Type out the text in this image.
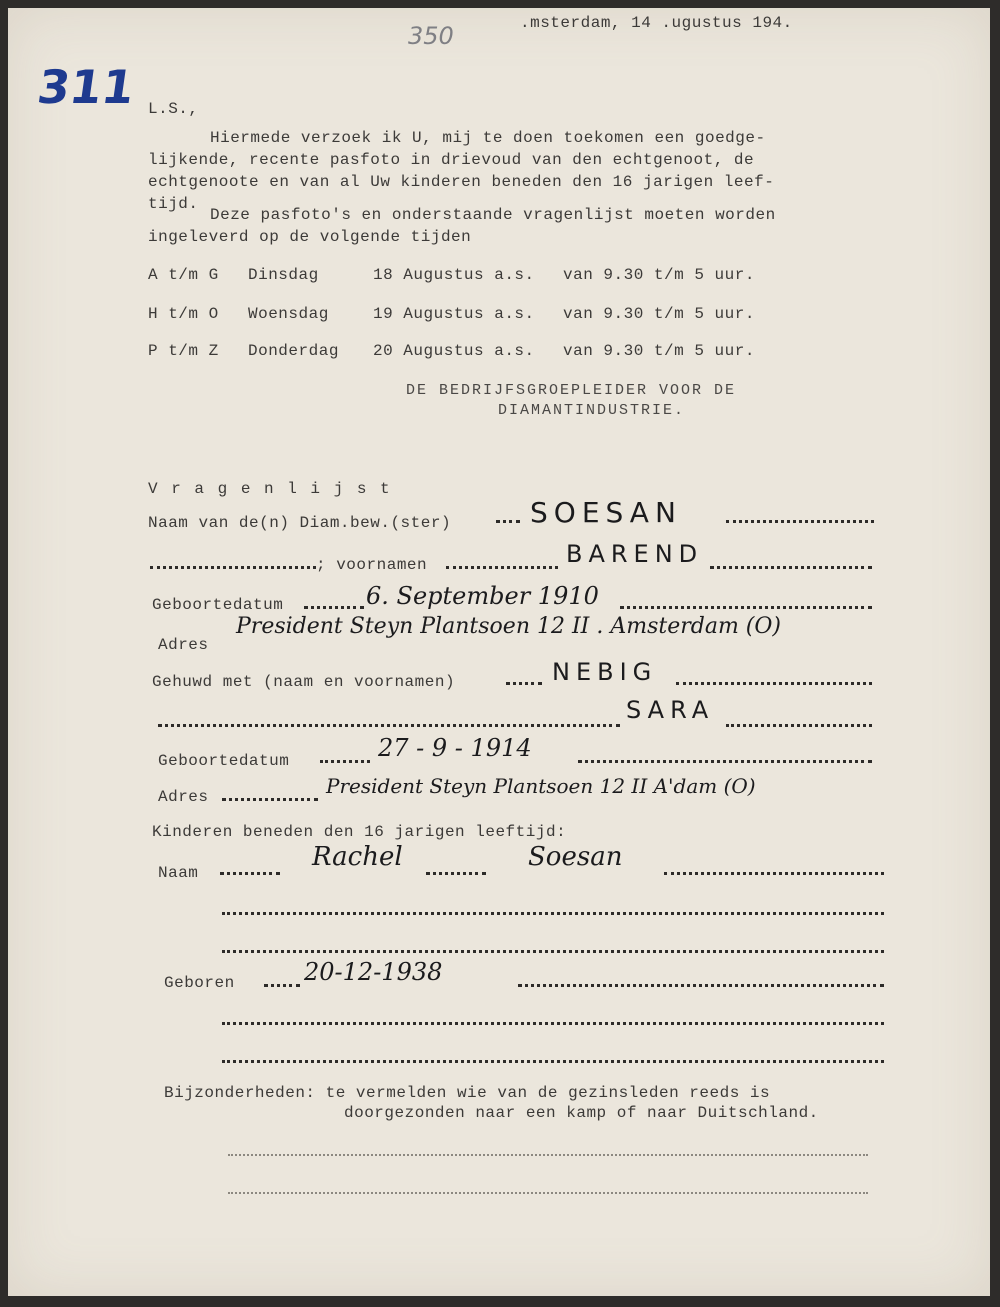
311
350	.msterdam, 14 .ugustus 194.
L.S.,
Hiermede verzoek ik U, mij te doen toekomen een goedge-
lijkende, recente pasfoto in drievoud van den echtgenoot, de
echtgenoote en van al Uw kinderen beneden den 16 jarigen leef-
tijd.
Deze pasfoto's en onderstaande vragenlijst moeten worden
ingeleverd op de volgende tijden
A t/m G Dinsdag	18 Augustus a.s. van 9.30 t/m 5 uur.
H t/m O Woensdag	19 Augustus a.s. van 9.30 t/m 5 uur.
P t/m Z Donderdag 20 Augustus a.s. van 9.30 t/m 5 uur.
DE BEDRIJFSGROEPLEIDER VOOR DE
DIAMANTINDUSTRIE.
V r a g e n l i j s t
Naam van de(n) Diam.bew.(ster)	SOESAN
; voornamen	BAREND
Geboortedatum	6. September 1910
Adres
President Steyn Plantsoen 12 II . Amsterdam (O)
Gehuwd met (naam en voornamen)	NEBIG
SARA
Geboortedatum	27 - 9 - 1914
Adres	President Steyn Plantsoen 12 II A'dam (O)
Kinderen beneden den 16 jarigen leeftijd:
Naam
Rachel	Soesan
Geboren	20-12-1938
Bijzonderheden: te vermelden wie van de gezinsleden reeds is
doorgezonden naar een kamp of naar Duitschland.
